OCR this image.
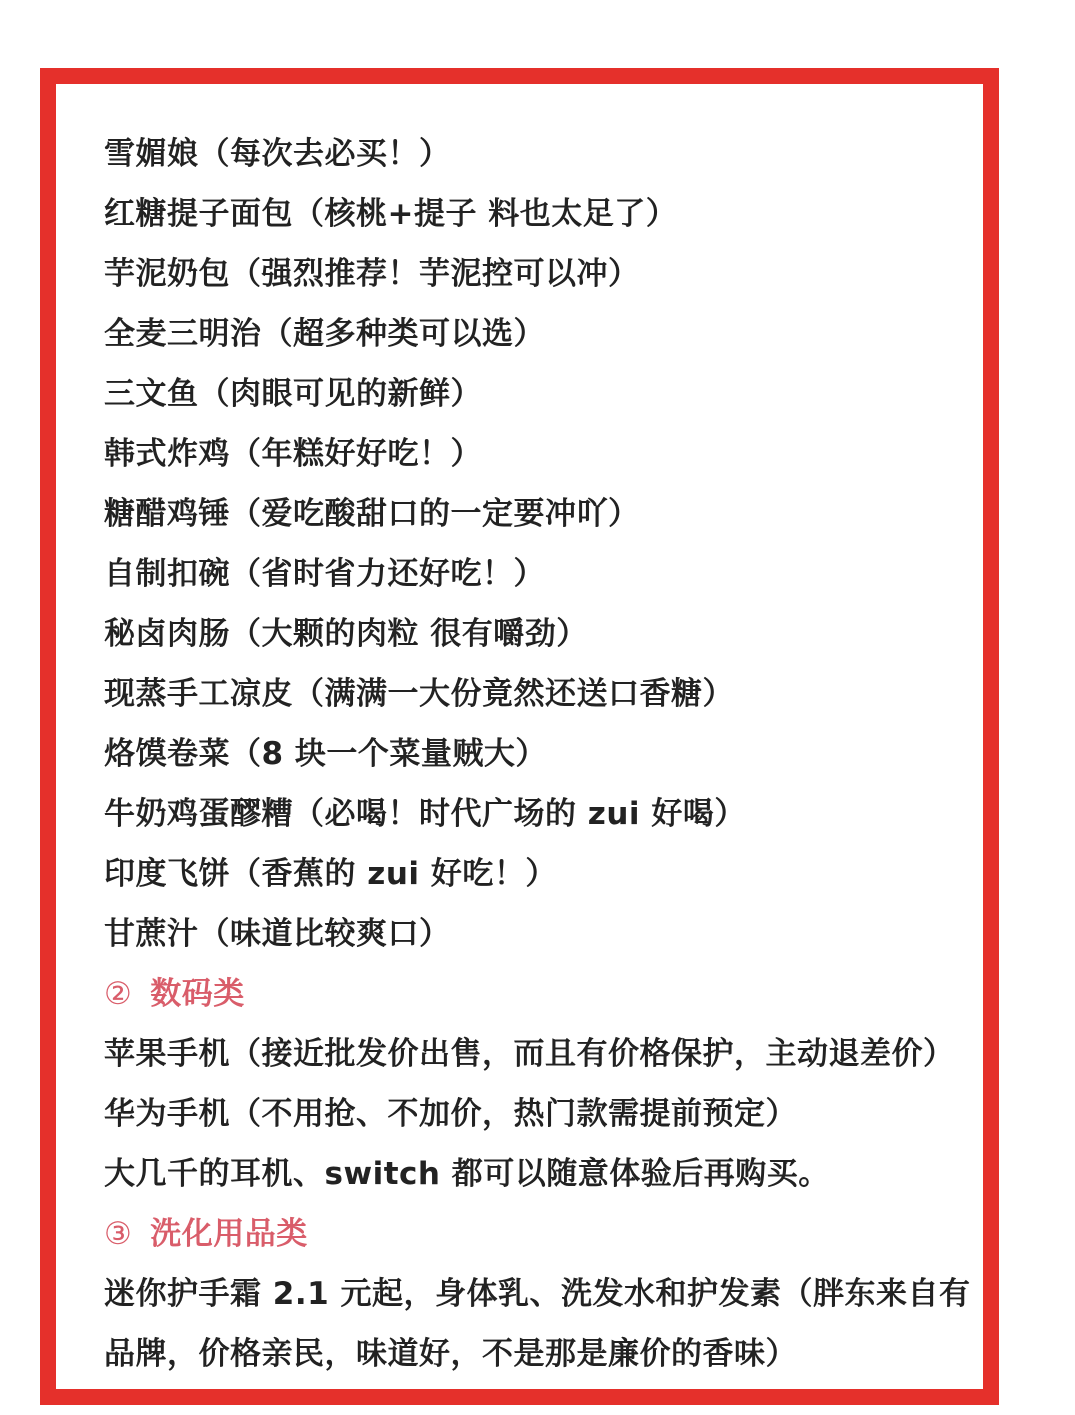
雪媚娘（每次去必买！）
红糖提子面包（核桃+提子 料也太足了）
芋泥奶包（强烈推荐！芋泥控可以冲）
全麦三明治（超多种类可以选）
三文鱼（肉眼可见的新鲜）
韩式炸鸡（年糕好好吃！）
糖醋鸡锤（爱吃酸甜口的一定要冲吖）
自制扣碗（省时省力还好吃！）
秘卤肉肠（大颗的肉粒 很有嚼劲）
现蒸手工凉皮（满满一大份竟然还送口香糖）
烙馍卷菜（8 块一个菜量贼大）
牛奶鸡蛋醪糟（必喝！时代广场的 zui 好喝）
印度飞饼（香蕉的 zui 好吃！）
甘蔗汁（味道比较爽口）
② 数码类
苹果手机（接近批发价出售，而且有价格保护，主动退差价）
华为手机（不用抢、不加价，热门款需提前预定）
大几千的耳机、switch 都可以随意体验后再购买。
③ 洗化用品类
迷你护手霜 2.1 元起，身体乳、洗发水和护发素（胖东来自有品牌，价格亲民，味道好，不是那是廉价的香味）
